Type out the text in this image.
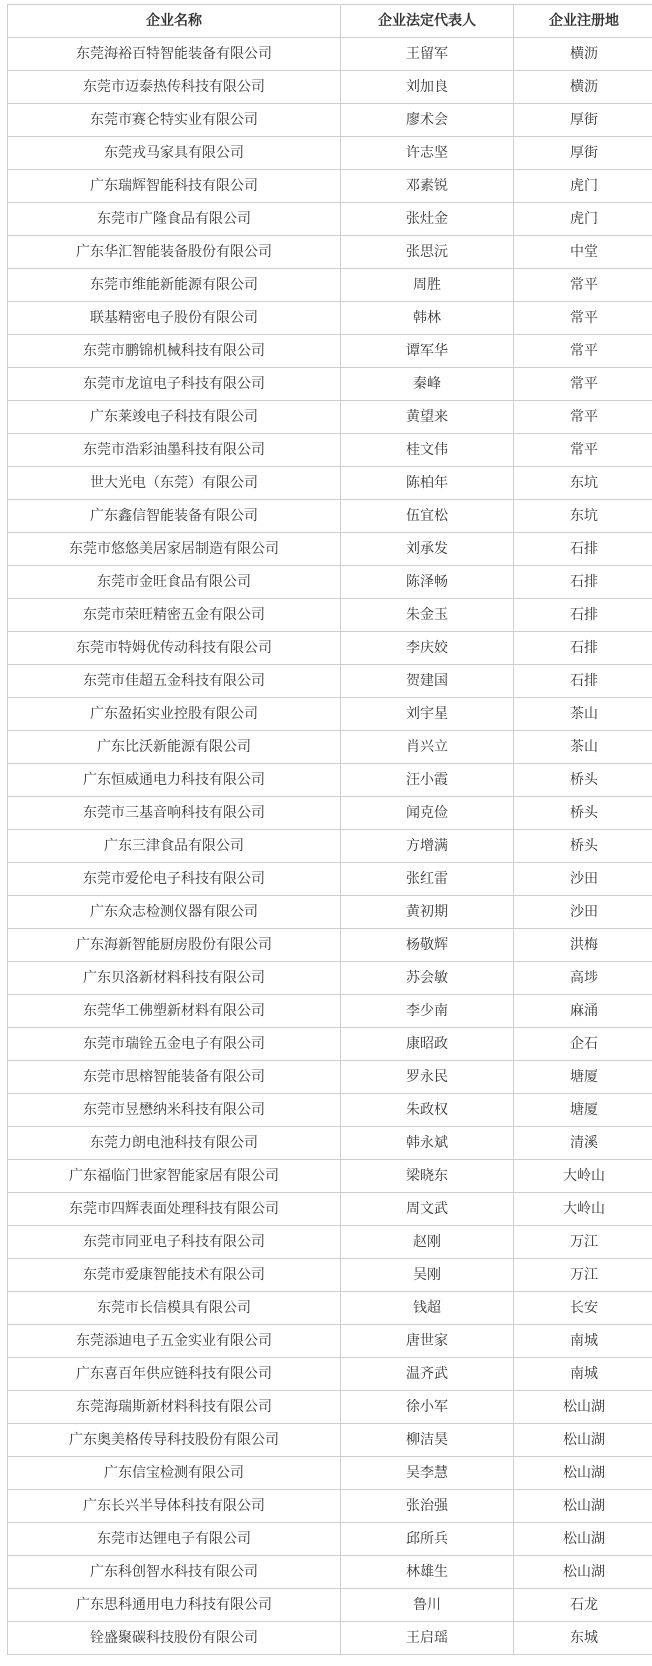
企业名称	企业法定代表人	企业注册地
东莞海裕百特智能装备有限公司	王留军	横沥
东莞市迈泰热传科技有限公司	刘加良	横沥
东莞市赛仑特实业有限公司	廖术会	厚街
东莞戎马家具有限公司	许志坚	厚街
广东瑞辉智能科技有限公司	邓素锐	虎门
东莞市广隆食品有限公司	张灶金	虎门
广东华汇智能装备股份有限公司	张思沅	中堂
东莞市维能新能源有限公司	周胜	常平
联基精密电子股份有限公司	韩林	常平
东莞市鹏锦机械科技有限公司	谭军华	常平
东莞市龙谊电子科技有限公司	秦峰	常平
广东莱竣电子科技有限公司	黄望来	常平
东莞市浩彩油墨科技有限公司	桂文伟	常平
世大光电（东莞）有限公司	陈柏年	东坑
广东鑫信智能装备有限公司	伍宜松	东坑
东莞市悠悠美居家居制造有限公司	刘承发	石排
东莞市金旺食品有限公司	陈泽畅	石排
东莞市荣旺精密五金有限公司	朱金玉	石排
东莞市特姆优传动科技有限公司	李庆姣	石排
东莞市佳超五金科技有限公司	贺建国	石排
广东盈拓实业控股有限公司	刘宇星	茶山
广东比沃新能源有限公司	肖兴立	茶山
广东恒威通电力科技有限公司	汪小霞	桥头
东莞市三基音响科技有限公司	闻克俭	桥头
广东三津食品有限公司	方增满	桥头
东莞市爱伦电子科技有限公司	张红雷	沙田
广东众志检测仪器有限公司	黄初期	沙田
广东海新智能厨房股份有限公司	杨敬辉	洪梅
广东贝洛新材料科技有限公司	苏会敏	高埗
东莞华工佛塑新材料有限公司	李少南	麻涌
东莞市瑞铨五金电子有限公司	康昭政	企石
东莞市思榕智能装备有限公司	罗永民	塘厦
东莞市昱懋纳米科技有限公司	朱政权	塘厦
东莞力朗电池科技有限公司	韩永斌	清溪
广东福临门世家智能家居有限公司	梁晓东	大岭山
东莞市四辉表面处理科技有限公司	周文武	大岭山
东莞市同亚电子科技有限公司	赵刚	万江
东莞市爱康智能技术有限公司	吴刚	万江
东莞市长信模具有限公司	钱超	长安
东莞添迪电子五金实业有限公司	唐世家	南城
广东喜百年供应链科技有限公司	温齐武	南城
东莞海瑞斯新材料科技有限公司	徐小军	松山湖
广东奥美格传导科技股份有限公司	柳洁昊	松山湖
广东信宝检测有限公司	吴李慧	松山湖
广东长兴半导体科技有限公司	张治强	松山湖
东莞市达锂电子有限公司	邱所兵	松山湖
广东科创智水科技有限公司	林雄生	松山湖
广东思科通用电力科技有限公司	鲁川	石龙
铨盛聚碳科技股份有限公司	王启瑶	东城
